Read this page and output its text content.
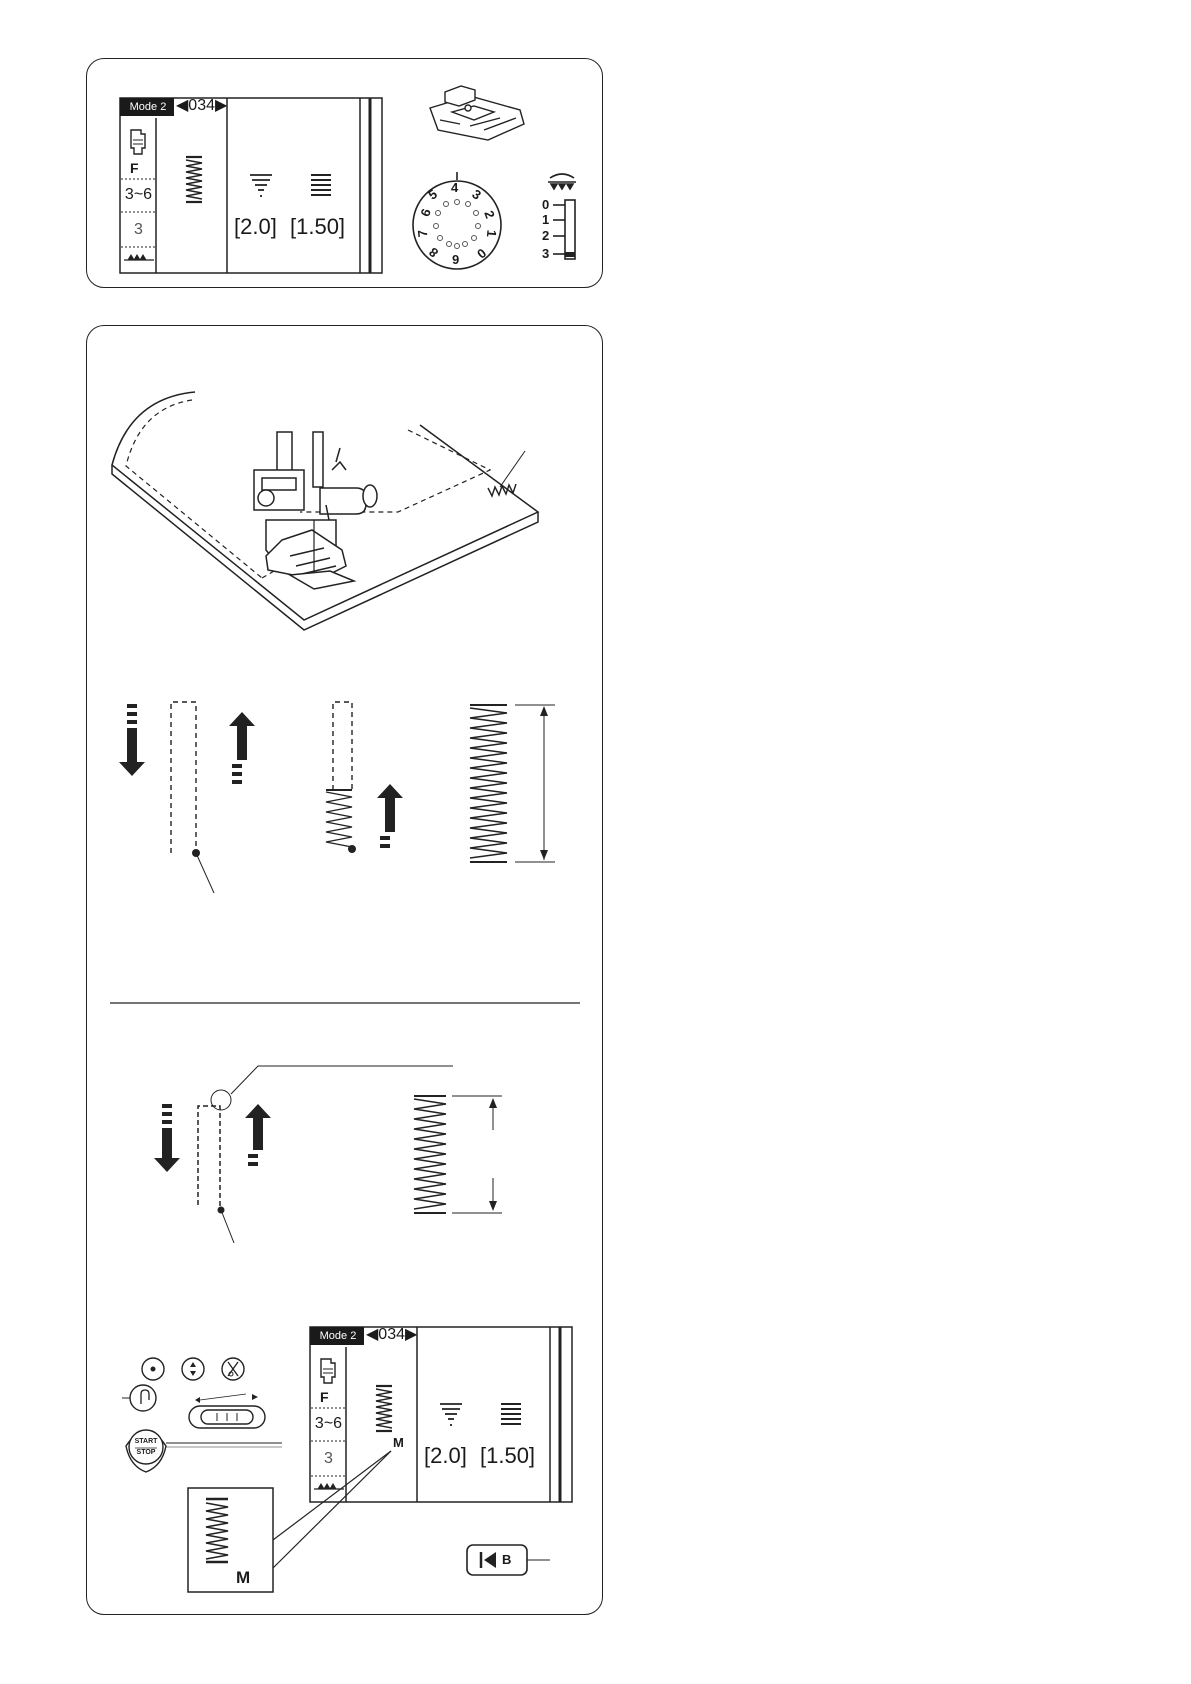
Mode 2 ◀034▶
F
3~6
3	[2.0] [1.50]
5 4 3
2
1
0
6
8 6
7
0
1
2
3
START
STOP
Mode 2 ◀034▶
F
3~6
3
M
[2.0] [1.50]
M
B
